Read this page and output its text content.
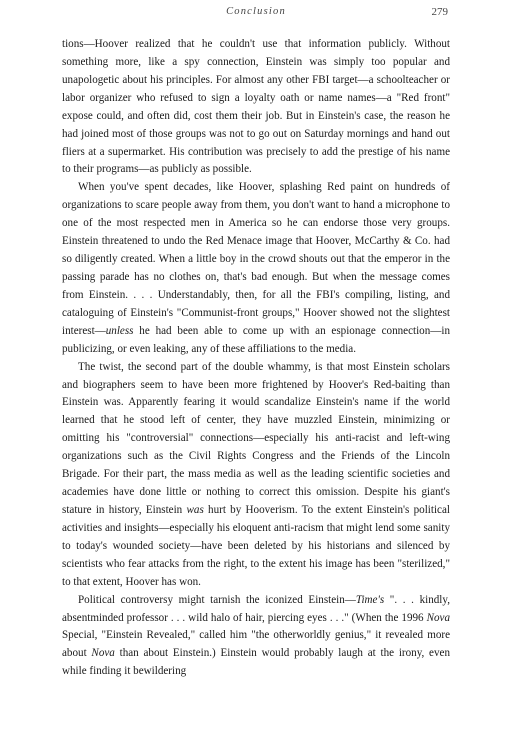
Conclusion	279

tions—Hoover realized that he couldn't use that information publicly. Without something more, like a spy connection, Einstein was simply too popular and unapologetic about his principles. For almost any other FBI target—a schoolteacher or labor organizer who refused to sign a loyalty oath or name names—a "Red front" expose could, and often did, cost them their job. But in Einstein's case, the reason he had joined most of those groups was not to go out on Saturday mornings and hand out fliers at a supermarket. His contribution was precisely to add the prestige of his name to their programs—as publicly as possible.

When you've spent decades, like Hoover, splashing Red paint on hundreds of organizations to scare people away from them, you don't want to hand a microphone to one of the most respected men in America so he can endorse those very groups. Einstein threatened to undo the Red Menace image that Hoover, McCarthy & Co. had so diligently created. When a little boy in the crowd shouts out that the emperor in the passing parade has no clothes on, that's bad enough. But when the message comes from Einstein. . . . Understandably, then, for all the FBI's compiling, listing, and cataloguing of Einstein's "Communist-front groups," Hoover showed not the slightest interest—unless he had been able to come up with an espionage connection—in publicizing, or even leaking, any of these affiliations to the media.

The twist, the second part of the double whammy, is that most Einstein scholars and biographers seem to have been more frightened by Hoover's Red-baiting than Einstein was. Apparently fearing it would scandalize Einstein's name if the world learned that he stood left of center, they have muzzled Einstein, minimizing or omitting his "controversial" connections—especially his anti-racist and left-wing organizations such as the Civil Rights Congress and the Friends of the Lincoln Brigade. For their part, the mass media as well as the leading scientific societies and academies have done little or nothing to correct this omission. Despite his giant's stature in history, Einstein was hurt by Hooverism. To the extent Einstein's political activities and insights—especially his eloquent anti-racism that might lend some sanity to today's wounded society—have been deleted by his historians and silenced by scientists who fear attacks from the right, to the extent his image has been "sterilized," to that extent, Hoover has won.

Political controversy might tarnish the iconized Einstein—Time's ". . . kindly, absentminded professor . . . wild halo of hair, piercing eyes . . ." (When the 1996 Nova Special, "Einstein Revealed," called him "the otherworldly genius," it revealed more about Nova than about Einstein.) Einstein would probably laugh at the irony, even while finding it bewildering
